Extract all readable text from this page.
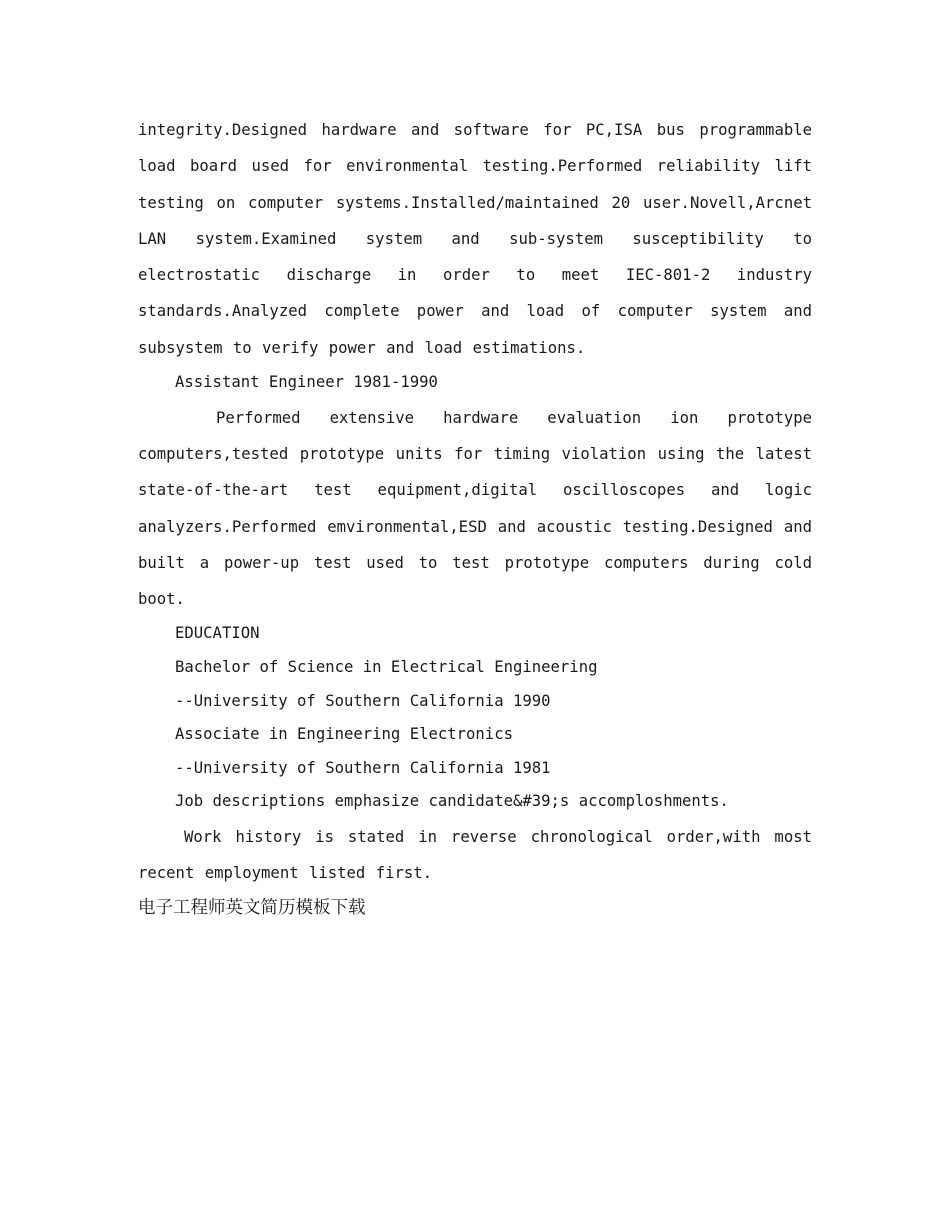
integrity.Designed hardware and software for PC,ISA bus programmable load board used for environmental testing.Performed reliability lift testing on computer systems.Installed/maintained 20 user.Novell,Arcnet LAN system.Examined system and sub-system susceptibility to electrostatic discharge in order to meet IEC-801-2 industry standards.Analyzed complete power and load of computer system and subsystem to verify power and load estimations.

Assistant Engineer 1981-1990

Performed extensive hardware evaluation ion prototype computers,tested prototype units for timing violation using the latest state-of-the-art test equipment,digital oscilloscopes and logic analyzers.Performed emvironmental,ESD and acoustic testing.Designed and built a power-up test used to test prototype computers during cold boot.

EDUCATION

Bachelor of Science in Electrical Engineering

--University of Southern California 1990

Associate in Engineering Electronics

--University of Southern California 1981

Job descriptions emphasize candidate&#39;s accomploshments.

Work history is stated in reverse chronological order,with most recent employment listed first.

电子工程师英文简历模板下载
